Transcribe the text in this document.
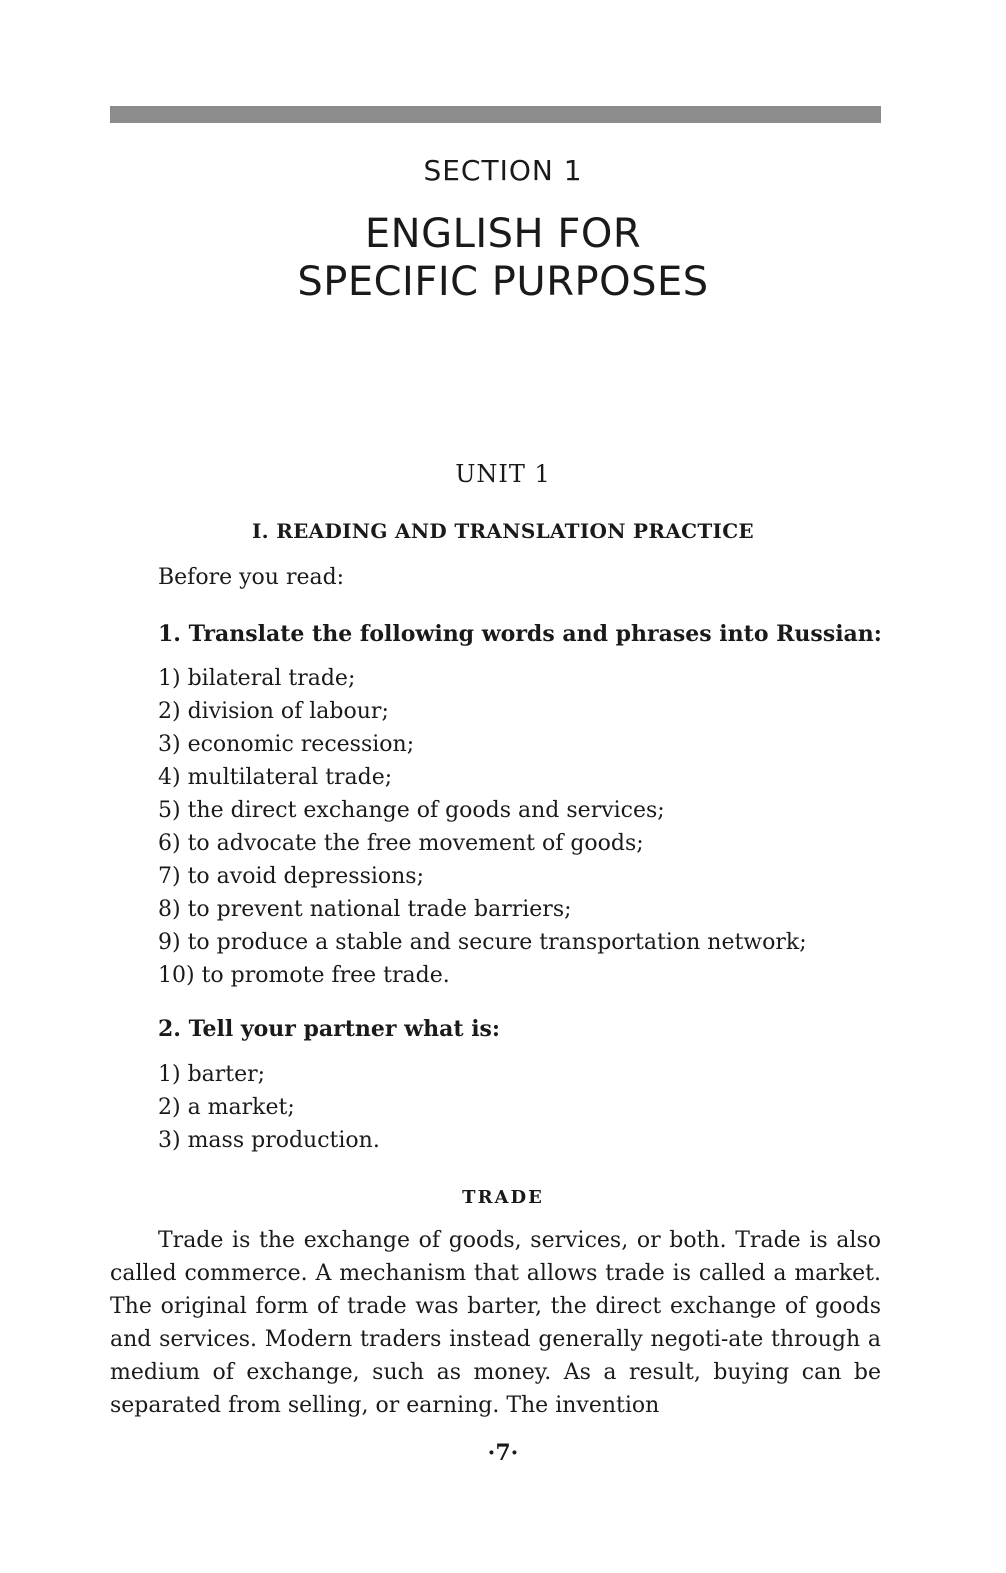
SECTION 1
ENGLISH FOR
SPECIFIC PURPOSES
UNIT 1
I. READING AND TRANSLATION PRACTICE
Before you read:
1. Translate the following words and phrases into Russian:
1) bilateral trade;
2) division of labour;
3) economic recession;
4) multilateral trade;
5) the direct exchange of goods and services;
6) to advocate the free movement of goods;
7) to avoid depressions;
8) to prevent national trade barriers;
9) to produce a stable and secure transportation network;
10) to promote free trade.
2. Tell your partner what is:
1) barter;
2) a market;
3) mass production.
TRADE

Trade is the exchange of goods, services, or both. Trade is also called commerce. A mechanism that allows trade is called a market. The original form of trade was barter, the direct exchange of goods and services. Modern traders instead generally negoti-ate through a medium of exchange, such as money. As a result, buying can be separated from selling, or earning. The invention

·7·
